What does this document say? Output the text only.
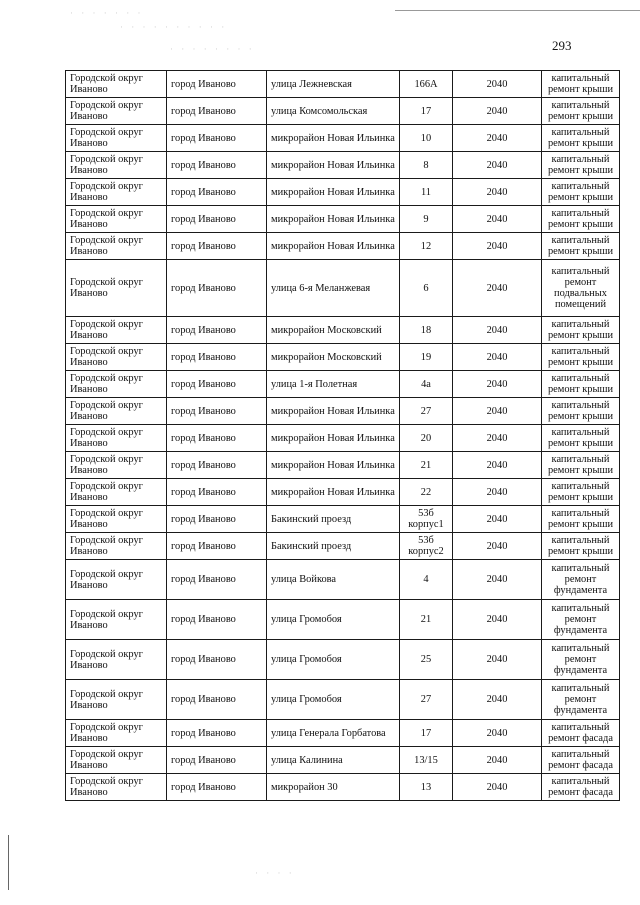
· · · · · · ·
· · · · · · · · · ·
· · · · · · · ·	293
Городской округ Иваново	город Иваново	улица Лежневская	166А	2040	капитальный ремонт крыши
Городской округ Иваново	город Иваново	улица Комсомольская	17	2040	капитальный ремонт крыши
Городской округ Иваново	город Иваново	микрорайон Новая Ильинка	10	2040	капитальный ремонт крыши
Городской округ Иваново	город Иваново	микрорайон Новая Ильинка	8	2040	капитальный ремонт крыши
Городской округ Иваново	город Иваново	микрорайон Новая Ильинка	11	2040	капитальный ремонт крыши
Городской округ Иваново	город Иваново	микрорайон Новая Ильинка	9	2040	капитальный ремонт крыши
Городской округ Иваново	город Иваново	микрорайон Новая Ильинка	12	2040	капитальный ремонт крыши
Городской округ Иваново	город Иваново	улица 6-я Меланжевая	6	2040	капитальный ремонт подвальных помещений
Городской округ Иваново	город Иваново	микрорайон Московский	18	2040	капитальный ремонт крыши
Городской округ Иваново	город Иваново	микрорайон Московский	19	2040	капитальный ремонт крыши
Городской округ Иваново	город Иваново	улица 1-я Полетная	4а	2040	капитальный ремонт крыши
Городской округ Иваново	город Иваново	микрорайон Новая Ильинка	27	2040	капитальный ремонт крыши
Городской округ Иваново	город Иваново	микрорайон Новая Ильинка	20	2040	капитальный ремонт крыши
Городской округ Иваново	город Иваново	микрорайон Новая Ильинка	21	2040	капитальный ремонт крыши
Городской округ Иваново	город Иваново	микрорайон Новая Ильинка	22	2040	капитальный ремонт крыши
Городской округ Иваново	город Иваново	Бакинский проезд	53б корпус1	2040	капитальный ремонт крыши
Городской округ Иваново	город Иваново	Бакинский проезд	53б корпус2	2040	капитальный ремонт крыши
Городской округ Иваново	город Иваново	улица Войкова	4	2040	капитальный ремонт фундамента
Городской округ Иваново	город Иваново	улица Громобоя	21	2040	капитальный ремонт фундамента
Городской округ Иваново	город Иваново	улица Громобоя	25	2040	капитальный ремонт фундамента
Городской округ Иваново	город Иваново	улица Громобоя	27	2040	капитальный ремонт фундамента
Городской округ Иваново	город Иваново	улица Генерала Горбатова	17	2040	капитальный ремонт фасада
Городской округ Иваново	город Иваново	улица Калинина	13/15	2040	капитальный ремонт фасада
Городской округ Иваново	город Иваново	микрорайон 30	13	2040	капитальный ремонт фасада
· · · ·
